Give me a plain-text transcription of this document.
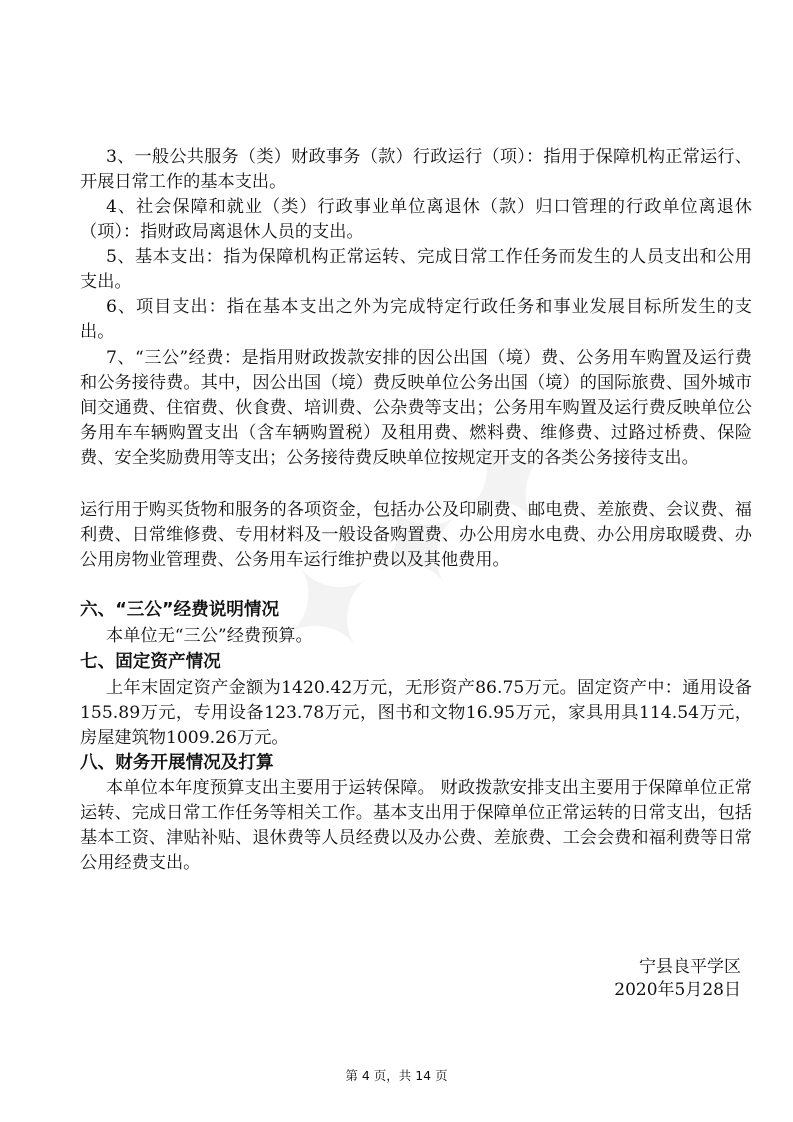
3、一般公共服务（类）财政事务（款）行政运行（项）：指用于保障机构正常运行、开展日常工作的基本支出。

4、社会保障和就业（类）行政事业单位离退休（款）归口管理的行政单位离退休（项）：指财政局离退休人员的支出。

5、基本支出：指为保障机构正常运转、完成日常工作任务而发生的人员支出和公用支出。

6、项目支出：指在基本支出之外为完成特定行政任务和事业发展目标所发生的支出。

7、“三公”经费：是指用财政拨款安排的因公出国（境）费、公务用车购置及运行费和公务接待费。其中，因公出国（境）费反映单位公务出国（境）的国际旅费、国外城市间交通费、住宿费、伙食费、培训费、公杂费等支出；公务用车购置及运行费反映单位公务用车车辆购置支出（含车辆购置税）及租用费、燃料费、维修费、过路过桥费、保险费、安全奖励费用等支出；公务接待费反映单位按规定开支的各类公务接待支出。

运行用于购买货物和服务的各项资金，包括办公及印刷费、邮电费、差旅费、会议费、福利费、日常维修费、专用材料及一般设备购置费、办公用房水电费、办公用房取暖费、办公用房物业管理费、公务用车运行维护费以及其他费用。

六、“三公”经费说明情况

本单位无“三公”经费预算。

七、固定资产情况

上年末固定资产金额为1420.42万元，无形资产86.75万元。固定资产中：通用设备155.89万元，专用设备123.78万元，图书和文物16.95万元，家具用具114.54万元，房屋建筑物1009.26万元。

八、财务开展情况及打算

本单位本年度预算支出主要用于运转保障。 财政拨款安排支出主要用于保障单位正常运转、完成日常工作任务等相关工作。基本支出用于保障单位正常运转的日常支出，包括基本工资、津贴补贴、退休费等人员经费以及办公费、差旅费、工会会费和福利费等日常公用经费支出。

宁县良平学区

2020年5月28日

第 4 页，共 14 页
